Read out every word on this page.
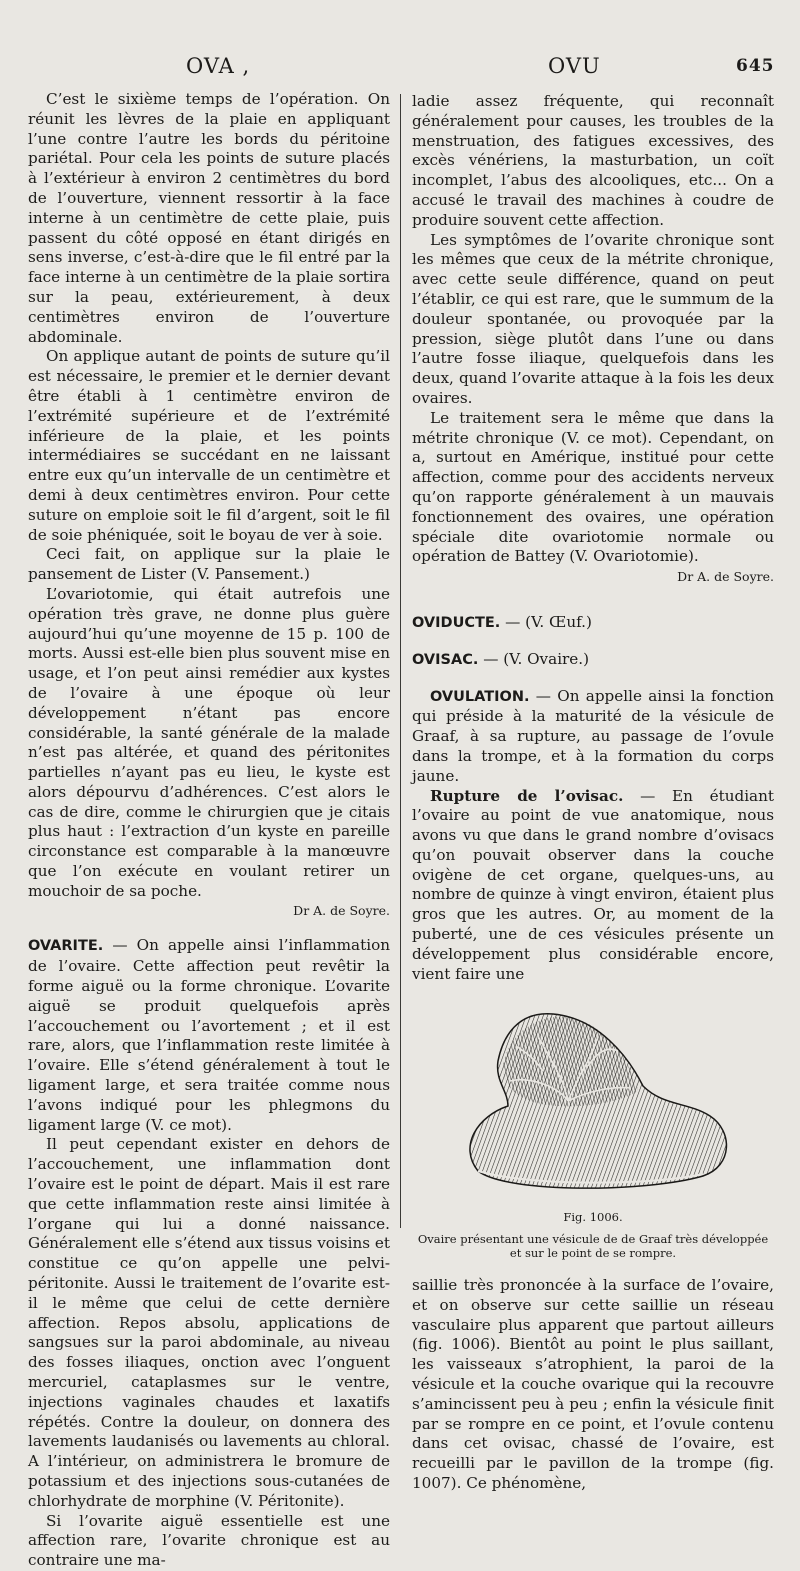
OVA ,	OVU	645

C’est le sixième temps de l’opération. On réunit les lèvres de la plaie en appliquant l’une contre l’autre les bords du péritoine pariétal. Pour cela les points de suture placés à l’extérieur à environ 2 centimètres du bord de l’ouverture, viennent ressortir à la face interne à un centimètre de cette plaie, puis passent du côté opposé en étant dirigés en sens inverse, c’est-à-dire que le fil entré par la face interne à un centimètre de la plaie sortira sur la peau, extérieurement, à deux centimètres environ de l’ouverture abdominale.

On applique autant de points de suture qu’il est nécessaire, le premier et le dernier devant être établi à 1 centimètre environ de l’extrémité supérieure et de l’extrémité inférieure de la plaie, et les points intermédiaires se succédant en ne laissant entre eux qu’un intervalle de un centimètre et demi à deux centimètres environ. Pour cette suture on emploie soit le fil d’argent, soit le fil de soie phéniquée, soit le boyau de ver à soie.

Ceci fait, on applique sur la plaie le pansement de Lister (V. Pansement.)

L’ovariotomie, qui était autrefois une opération très grave, ne donne plus guère aujourd’hui qu’une moyenne de 15 p. 100 de morts. Aussi est-elle bien plus souvent mise en usage, et l’on peut ainsi remédier aux kystes de l’ovaire à une époque où leur développement n’étant pas encore considérable, la santé générale de la malade n’est pas altérée, et quand des péritonites partielles n’ayant pas eu lieu, le kyste est alors dépourvu d’adhérences. C’est alors le cas de dire, comme le chirurgien que je citais plus haut : l’extraction d’un kyste en pareille circonstance est comparable à la manœuvre que l’on exécute en voulant retirer un mouchoir de sa poche.

Dr A. de Soyre.

OVARITE. — On appelle ainsi l’inflammation de l’ovaire. Cette affection peut revêtir la forme aiguë ou la forme chronique. L’ovarite aiguë se produit quelquefois après l’accouchement ou l’avortement ; et il est rare, alors, que l’inflammation reste limitée à l’ovaire. Elle s’étend généralement à tout le ligament large, et sera traitée comme nous l’avons indiqué pour les phlegmons du ligament large (V. ce mot).

Il peut cependant exister en dehors de l’accouchement, une inflammation dont l’ovaire est le point de départ. Mais il est rare que cette inflammation reste ainsi limitée à l’organe qui lui a donné naissance. Généralement elle s’étend aux tissus voisins et constitue ce qu’on appelle une pelvi-péritonite. Aussi le traitement de l’ovarite est-il le même que celui de cette dernière affection. Repos absolu, applications de sangsues sur la paroi abdominale, au niveau des fosses iliaques, onction avec l’onguent mercuriel, cataplasmes sur le ventre, injections vaginales chaudes et laxatifs répétés. Contre la douleur, on donnera des lavements laudanisés ou lavements au chloral. A l’intérieur, on administrera le bromure de potassium et des injections sous-cutanées de chlorhydrate de morphine (V. Péritonite).

Si l’ovarite aiguë essentielle est une affection rare, l’ovarite chronique est au contraire une ma-

ladie assez fréquente, qui reconnaît généralement pour causes, les troubles de la menstruation, des fatigues excessives, des excès vénériens, la masturbation, un coït incomplet, l’abus des alcooliques, etc... On a accusé le travail des machines à coudre de produire souvent cette affection.

Les symptômes de l’ovarite chronique sont les mêmes que ceux de la métrite chronique, avec cette seule différence, quand on peut l’établir, ce qui est rare, que le summum de la douleur spontanée, ou provoquée par la pression, siège plutôt dans l’une ou dans l’autre fosse iliaque, quelquefois dans les deux, quand l’ovarite attaque à la fois les deux ovaires.

Le traitement sera le même que dans la métrite chronique (V. ce mot). Cependant, on a, surtout en Amérique, institué pour cette affection, comme pour des accidents nerveux qu’on rapporte généralement à un mauvais fonctionnement des ovaires, une opération spéciale dite ovariotomie normale ou opération de Battey (V. Ovariotomie).

Dr A. de Soyre.

OVIDUCTE. — (V. Œuf.)

OVISAC. — (V. Ovaire.)

OVULATION. — On appelle ainsi la fonction qui préside à la maturité de la vésicule de Graaf, à sa rupture, au passage de l’ovule dans la trompe, et à la formation du corps jaune.

Rupture de l’ovisac. — En étudiant l’ovaire au point de vue anatomique, nous avons vu que dans le grand nombre d’ovisacs qu’on pouvait observer dans la couche ovigène de cet organe, quelques-uns, au nombre de quinze à vingt environ, étaient plus gros que les autres. Or, au moment de la puberté, une de ces vésicules présente un développement plus considérable encore, vient faire une

Fig. 1006.

Ovaire présentant une vésicule de de Graaf très développée et sur le point de se rompre.

saillie très prononcée à la surface de l’ovaire, et on observe sur cette saillie un réseau vasculaire plus apparent que partout ailleurs (fig. 1006). Bientôt au point le plus saillant, les vaisseaux s’atrophient, la paroi de la vésicule et la couche ovarique qui la recouvre s’amincissent peu à peu ; enfin la vésicule finit par se rompre en ce point, et l’ovule contenu dans cet ovisac, chassé de l’ovaire, est recueilli par le pavillon de la trompe (fig. 1007). Ce phénomène,
